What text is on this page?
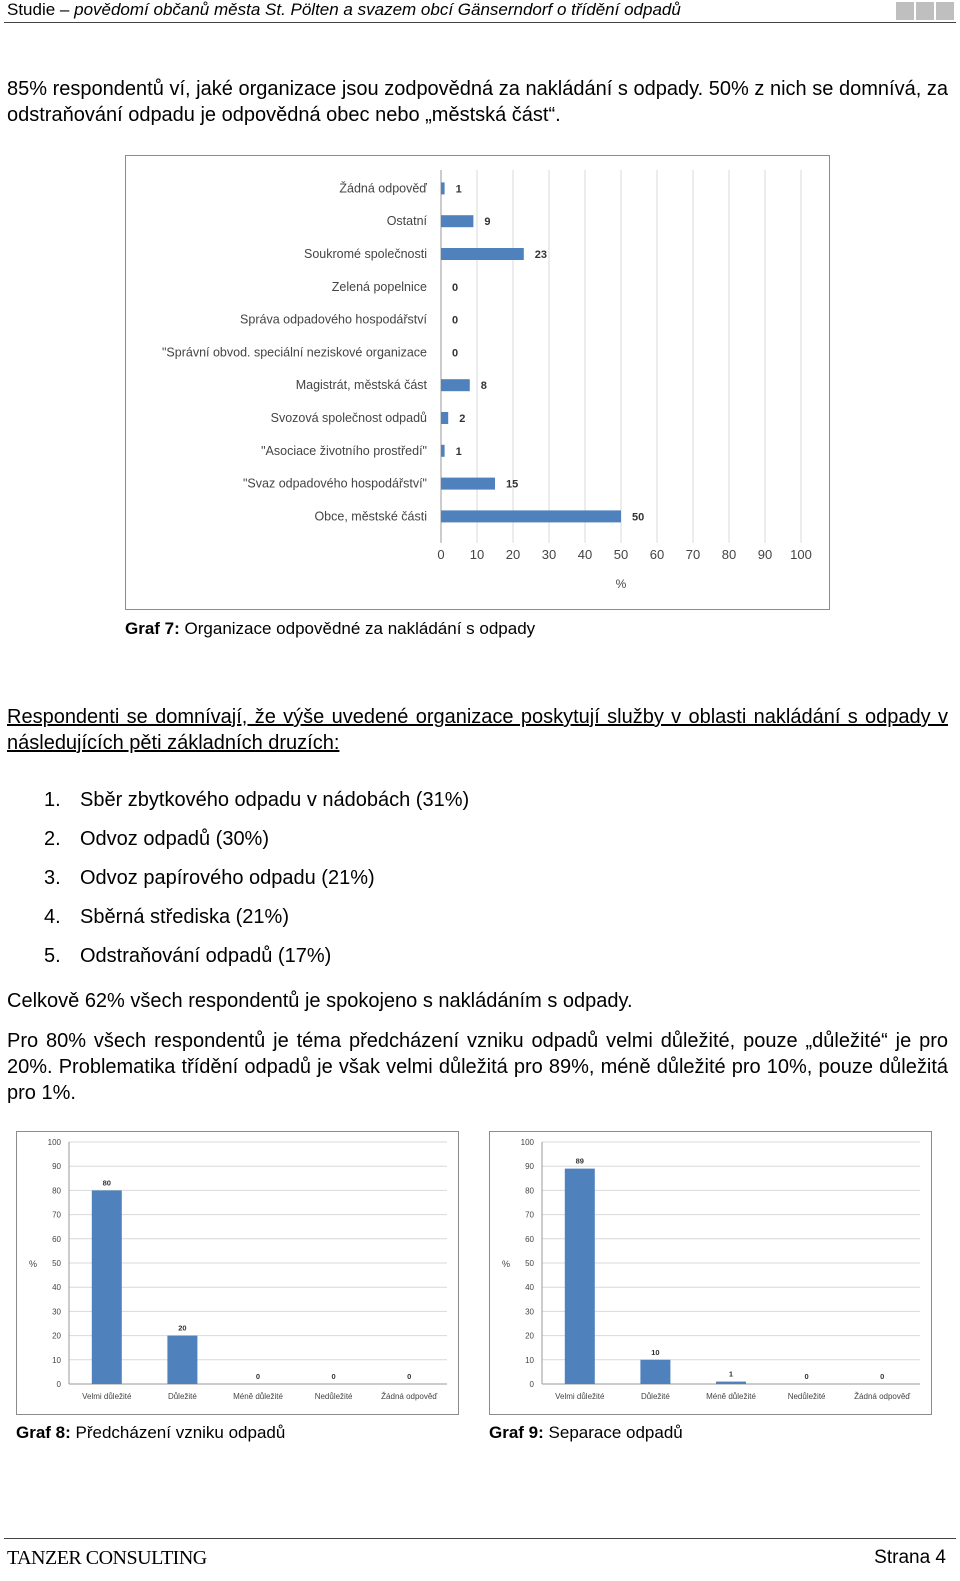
Studie – povědomí občanů města St. Pölten a svazem obcí Gänserndorf o třídění odpadů
85% respondentů ví, jaké organizace jsou zodpovědná za nakládání s odpady. 50% z nich se domnívá, za odstraňování odpadu je odpovědná obec nebo „městská část“.
0 10 20 30 40 50 60 70 80 90 100
Žádná odpověď	1
Ostatní	9
Soukromé společnosti	23
Zelená popelnice 0
Správa odpadového hospodářství 0
"Správní obvod. speciální neziskové organizace 0
Magistrát, městská část	8
Svozová společnost odpadů	2
"Asociace životního prostředí"	1
"Svaz odpadového hospodářství"	15
Obce, městské části	50
%
Graf 7: Organizace odpovědné za nakládání s odpady
Respondenti se domnívají, že výše uvedené organizace poskytují služby v oblasti nakládání s odpady v následujících pěti základních druzích:
1. Sběr zbytkového odpadu v nádobách (31%)
2. Odvoz odpadů (30%)
3. Odvoz papírového odpadu (21%)
4. Sběrná střediska (21%)
5. Odstraňování odpadů (17%)
Celkově 62% všech respondentů je spokojeno s nakládáním s odpady.
Pro 80% všech respondentů je téma předcházení vzniku odpadů velmi důležité, pouze „důležité“ je pro 20%. Problematika třídění odpadů je však velmi důležitá pro 89%, méně důležité pro 10%, pouze důležitá pro 1%.
0
10
20
30
40
50
60
70
80
90
100
%
80
Velmi důležité
20
Důležité
0
Méně důležité
0
Nedůležité
0
Žádná odpověď
Graf 8: Předcházení vzniku odpadů
0
10
20
30
40
50
60
70
80
90
100
%
89
Velmi důležité
10
Důležité
1
Méně důležité
0
Nedůležité
0
Žádná odpověď
Graf 9: Separace odpadů
TANZER CONSULTING	Strana 4
